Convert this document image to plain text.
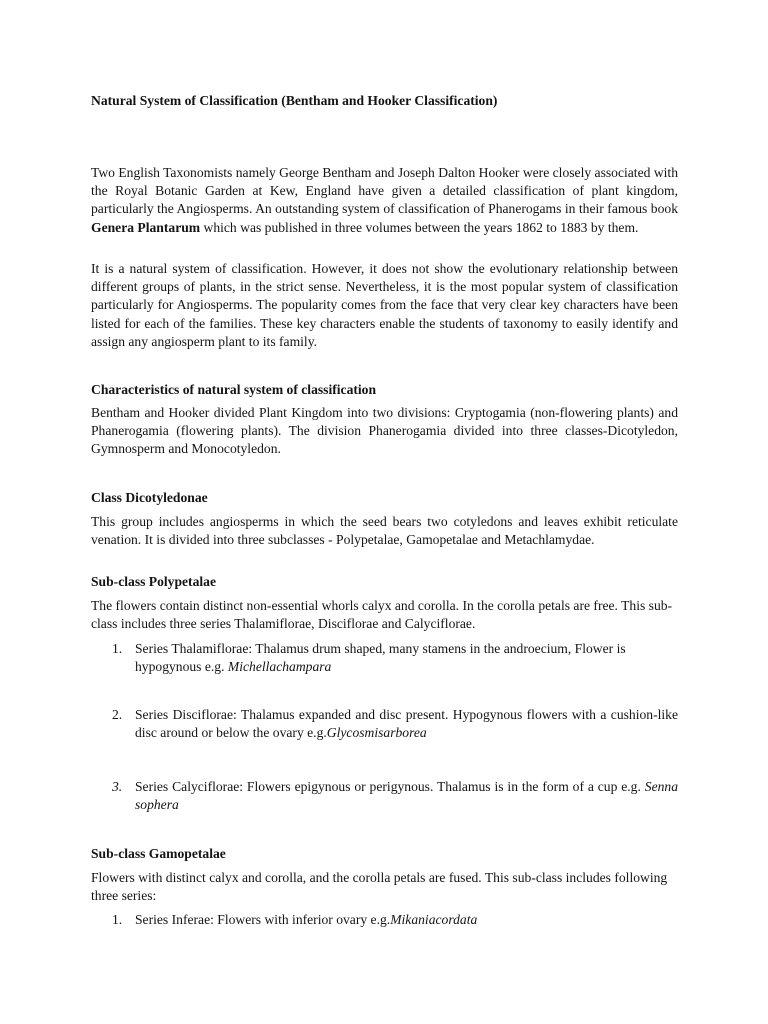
Natural System of Classification (Bentham and Hooker Classification)

Two English Taxonomists namely George Bentham and Joseph Dalton Hooker were closely associated with the Royal Botanic Garden at Kew, England have given a detailed classification of plant kingdom, particularly the Angiosperms. An outstanding system of classification of Phanerogams in their famous book Genera Plantarum which was published in three volumes between the years 1862 to 1883 by them.

It is a natural system of classification. However, it does not show the evolutionary relationship between different groups of plants, in the strict sense. Nevertheless, it is the most popular system of classification particularly for Angiosperms. The popularity comes from the face that very clear key characters have been listed for each of the families. These key characters enable the students of taxonomy to easily identify and assign any angiosperm plant to its family.

Characteristics of natural system of classification

Bentham and Hooker divided Plant Kingdom into two divisions: Cryptogamia (non-flowering plants) and Phanerogamia (flowering plants). The division Phanerogamia divided into three classes-Dicotyledon, Gymnosperm and Monocotyledon.

Class Dicotyledonae

This group includes angiosperms in which the seed bears two cotyledons and leaves exhibit reticulate venation. It is divided into three subclasses - Polypetalae, Gamopetalae and Metachlamydae.

Sub-class Polypetalae

The flowers contain distinct non-essential whorls calyx and corolla. In the corolla petals are free. This sub-class includes three series Thalamiflorae, Disciflorae and Calyciflorae.

1. Series Thalamiflorae: Thalamus drum shaped, many stamens in the androecium, Flower is hypogynous e.g. Michellachampara
2. Series Disciflorae: Thalamus expanded and disc present. Hypogynous flowers with a cushion-like disc around or below the ovary e.g.Glycosmisarborea
3. Series Calyciflorae: Flowers epigynous or perigynous. Thalamus is in the form of a cup e.g. Senna sophera

Sub-class Gamopetalae

Flowers with distinct calyx and corolla, and the corolla petals are fused. This sub-class includes following three series:

1. Series Inferae: Flowers with inferior ovary e.g.Mikaniacordata
